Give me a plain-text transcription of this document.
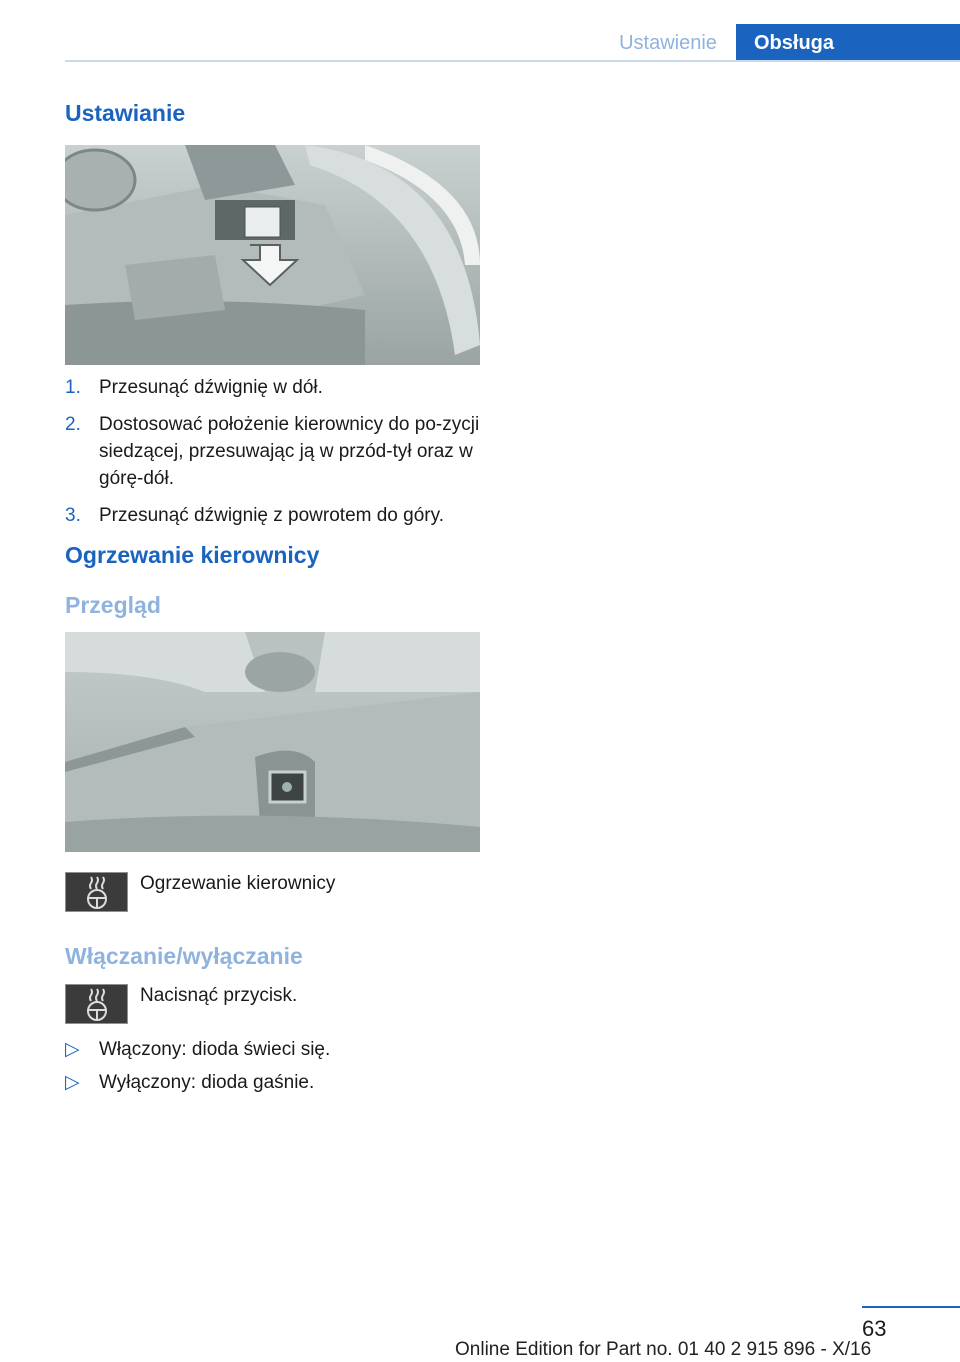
Ustawienie	Obsługa
Ustawianie
1. Przesunąć dźwignię w dół.
2. Dostosować położenie kierownicy do po‐zycji siedzącej, przesuwając ją w przód-tył oraz w górę-dół.
3. Przesunąć dźwignię z powrotem do góry.
Ogrzewanie kierownicy
Przegląd
Ogrzewanie kierownicy
Włączanie/wyłączanie
Nacisnąć przycisk.
▷ Włączony: dioda świeci się.
▷ Wyłączony: dioda gaśnie.
63
Online Edition for Part no. 01 40 2 915 896 - X/16
